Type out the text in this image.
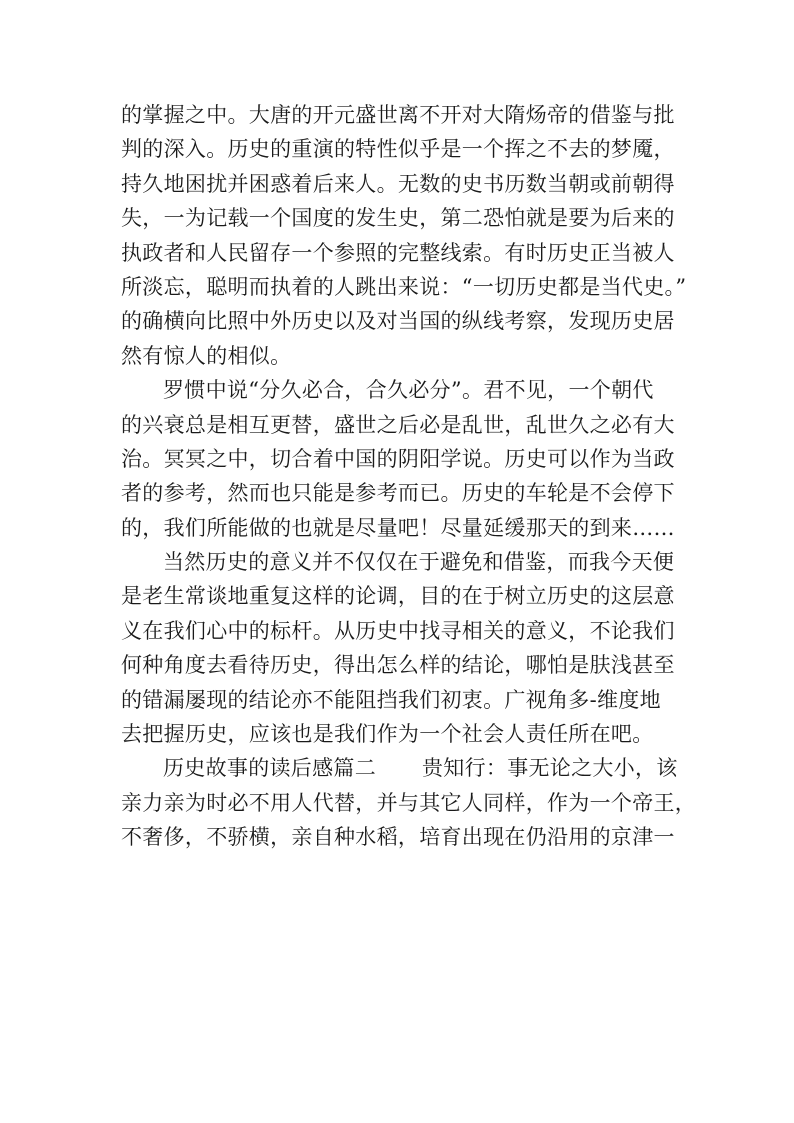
的掌握之中。大唐的开元盛世离不开对大隋炀帝的借鉴与批
判的深入。历史的重演的特性似乎是一个挥之不去的梦魇，
持久地困扰并困惑着后来人。无数的史书历数当朝或前朝得
失，一为记载一个国度的发生史，第二恐怕就是要为后来的
执政者和人民留存一个参照的完整线索。有时历史正当被人
所淡忘，聪明而执着的人跳出来说：“一切历史都是当代史。”
的确横向比照中外历史以及对当国的纵线考察，发现历史居
然有惊人的相似。
罗惯中说“分久必合，合久必分”。君不见，一个朝代
的兴衰总是相互更替，盛世之后必是乱世，乱世久之必有大
治。冥冥之中，切合着中国的阴阳学说。历史可以作为当政
者的参考，然而也只能是参考而已。历史的车轮是不会停下
的，我们所能做的也就是尽量吧！尽量延缓那天的到来……
当然历史的意义并不仅仅在于避免和借鉴，而我今天便
是老生常谈地重复这样的论调，目的在于树立历史的这层意
义在我们心中的标杆。从历史中找寻相关的意义，不论我们
何种角度去看待历史，得出怎么样的结论，哪怕是肤浅甚至
的错漏屡现的结论亦不能阻挡我们初衷。广视角多-维度地
去把握历史，应该也是我们作为一个社会人责任所在吧。
历史故事的读后感篇二 贵知行：事无论之大小，该
亲力亲为时必不用人代替，并与其它人同样，作为一个帝王，
不奢侈，不骄横，亲自种水稻，培育出现在仍沿用的京津一
